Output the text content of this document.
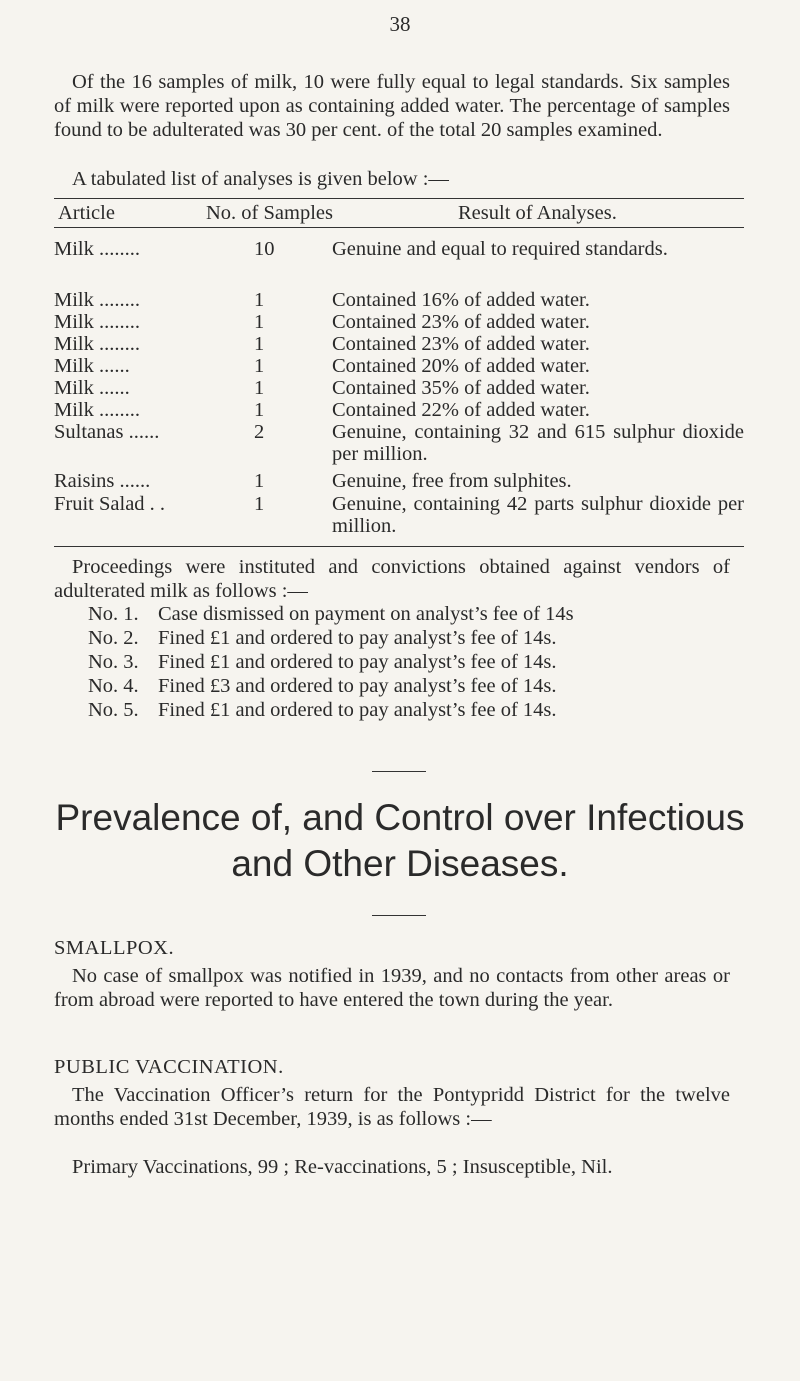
38
Of the 16 samples of milk, 10 were fully equal to legal standards. Six samples of milk were reported upon as containing added water. The percentage of samples found to be adulterated was 30 per cent. of the total 20 samples examined.
A tabulated list of analyses is given below :—
Article	No. of Samples	Result of Analyses.
Milk ........	10	Genuine and equal to required standards.
Milk ........	1	Contained 16% of added water.
Milk ........	1	Contained 23% of added water.
Milk ........	1	Contained 23% of added water.
Milk ......	1	Contained 20% of added water.
Milk ......	1	Contained 35% of added water.
Milk ........	1	Contained 22% of added water.
Sultanas ......	2	Genuine, containing 32 and 615 sulphur dioxide per million.
Raisins ......	1	Genuine, free from sulphites.
Fruit Salad . .	1	Genuine, containing 42 parts sulphur dioxide per million.
Proceedings were instituted and convictions obtained against vendors of adulterated milk as follows :—
No. 1. Case dismissed on payment on analyst’s fee of 14s
No. 2. Fined £1 and ordered to pay analyst’s fee of 14s.
No. 3. Fined £1 and ordered to pay analyst’s fee of 14s.
No. 4. Fined £3 and ordered to pay analyst’s fee of 14s.
No. 5. Fined £1 and ordered to pay analyst’s fee of 14s.
Prevalence of, and Control over Infectious
and Other Diseases.
SMALLPOX.
No case of smallpox was notified in 1939, and no contacts from other areas or from abroad were reported to have entered the town during the year.
PUBLIC VACCINATION.
The Vaccination Officer’s return for the Pontypridd District for the twelve months ended 31st December, 1939, is as follows :—
Primary Vaccinations, 99 ; Re-vaccinations, 5 ; Insusceptible, Nil.
